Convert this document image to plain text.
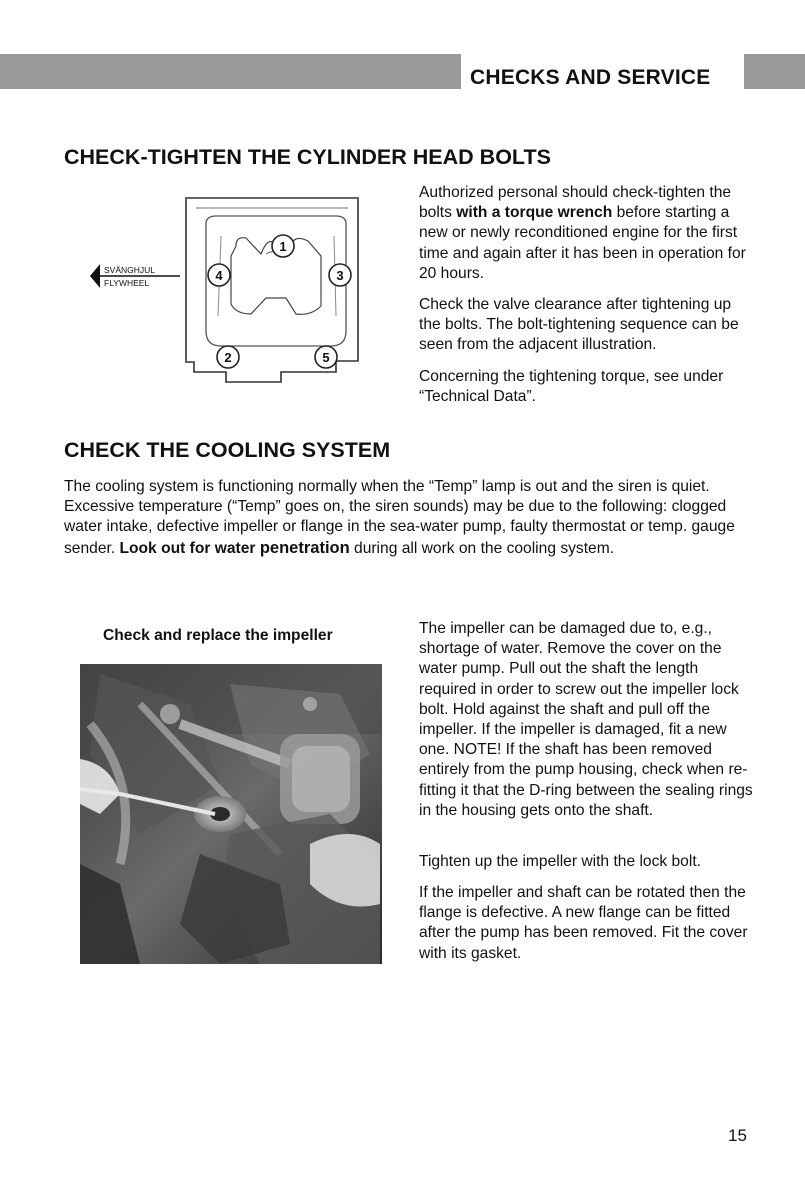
CHECKS AND SERVICE
CHECK-TIGHTEN THE CYLINDER HEAD BOLTS
SVÄNGHJUL
FLYWHEEL
1
4	3
2	5

Authorized personal should check-tighten the bolts with a torque wrench before starting a new or newly reconditioned engine for the first time and again after it has been in operation for 20 hours.

Check the valve clearance after tightening up the bolts. The bolt-tightening sequence can be seen from the adjacent illustration.

Concerning the tightening torque, see under “Technical Data”.

CHECK THE COOLING SYSTEM

The cooling system is functioning normally when the “Temp” lamp is out and the siren is quiet. Excessive temperature (“Temp” goes on, the siren sounds) may be due to the following: clogged water intake, defective impeller or flange in the sea-water pump, faulty thermostat or temp. gauge sender. Look out for water penetration during all work on the cooling system.

Check and replace the impeller	The impeller can be damaged due to, e.g., shortage of water. Remove the cover on the water pump. Pull out the shaft the length required in order to screw out the impeller lock bolt. Hold against the shaft and pull off the impeller. If the impeller is damaged, fit a new one. NOTE! If the shaft has been removed entirely from the pump housing, check when re-fitting it that the D-ring between the sealing rings in the housing gets onto the shaft.

Tighten up the impeller with the lock bolt.

If the impeller and shaft can be rotated then the flange is defective. A new flange can be fitted after the pump has been removed. Fit the cover with its gasket.

15
